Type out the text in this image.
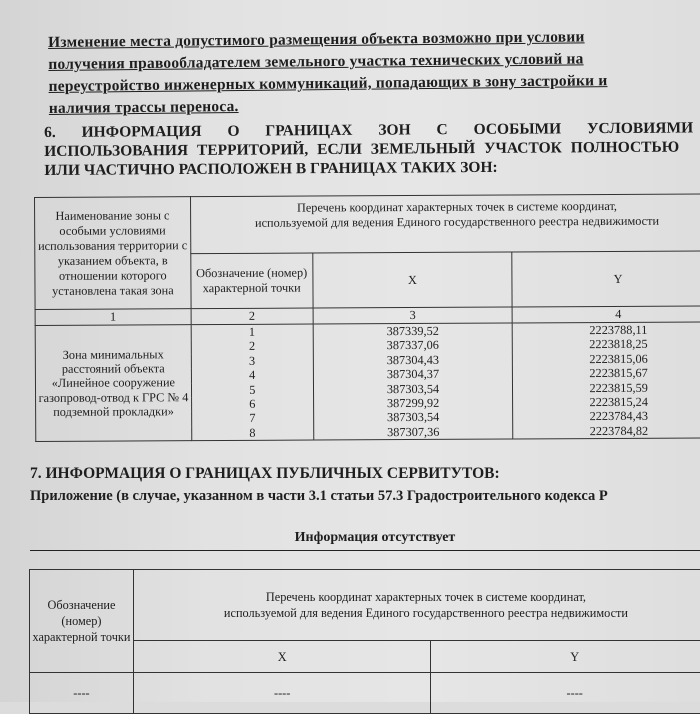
Изменение места допустимого размещения объекта возможно при условии
получения правообладателем земельного участка технических условий на
переустройство инженерных коммуникаций, попадающих в зону застройки и
наличия трассы переноса.
6. ИНФОРМАЦИЯ О ГРАНИЦАХ ЗОН С ОСОБЫМИ УСЛОВИЯМИ
ИСПОЛЬЗОВАНИЯ ТЕРРИТОРИЙ, ЕСЛИ ЗЕМЕЛЬНЫЙ УЧАСТОК ПОЛНОСТЬЮ
ИЛИ ЧАСТИЧНО РАСПОЛОЖЕН В ГРАНИЦАХ ТАКИХ ЗОН:
Наименование зоны с особыми условиями использования территории с указанием объекта, в отношении которого установлена такая зона	Перечень координат характерных точек в системе координат,
используемой для ведения Единого государственного реестра недвижимости		

	Обозначение (номер) характерной точки	X	Y
1	2	3	4
Зона минимальных расстояний объекта «Линейное сооружение газопровод-отвод к ГРС № 4 подземной прокладки»	1	387339,52	2223788,11
	2	387337,06	2223818,25
	3	387304,43	2223815,06
	4	387304,37	2223815,67
	5	387303,54	2223815,59
	6	387299,92	2223815,24
	7	387303,54	2223784,43
	8	387307,36	2223784,82
7. ИНФОРМАЦИЯ О ГРАНИЦАХ ПУБЛИЧНЫХ СЕРВИТУТОВ:
Приложение (в случае, указанном в части 3.1 статьи 57.3 Градостроительного кодекса Р
Информация отсутствует
Обозначение (номер) характерной точки	Перечень координат характерных точек в системе координат,
используемой для ведения Единого государственного реестра недвижимости	

	X	Y
----	----	----
